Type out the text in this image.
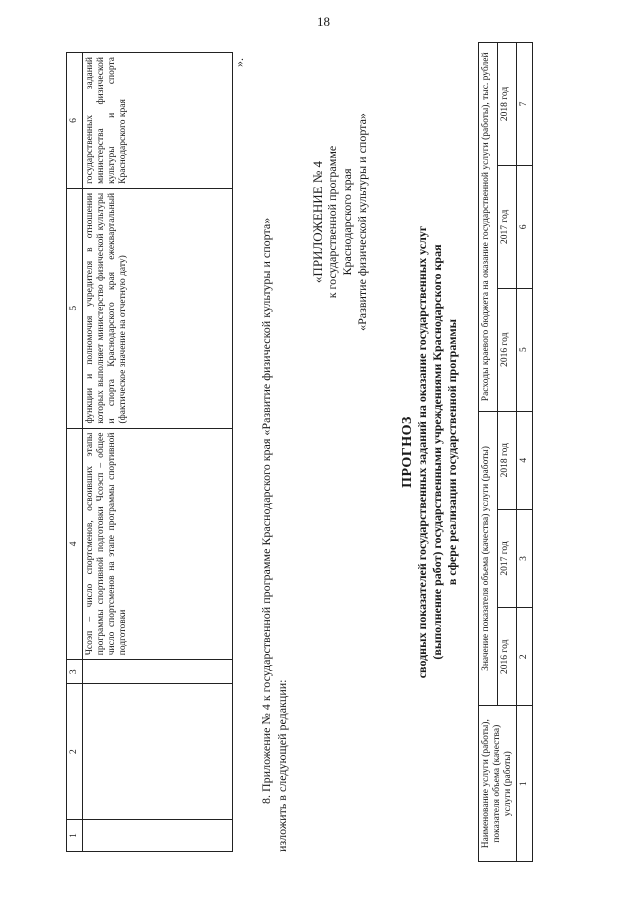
18
1	2	3	4	5	6
			Чсоэп – число спортсменов, освоивших этапы программы спортивной подготовки Чсоэсп – общее число спортсменов на этапе программы спортивной подготовки	функции и полномочия учредителя в отношении которых выполняет министерство физической культуры и спорта Краснодарского края ежеквартальный (фактическое значение на отчетную дату)	государственных заданий министерства физической культуры и спорта Краснодарского края
».
8. Приложение № 4 к государственной программе Краснодарского края «Развитие физической культуры и спорта» изложить в следующей редакции:
«ПРИЛОЖЕНИЕ № 4 к государственной программе Краснодарского края «Развитие физической культуры и спорта»
ПРОГНОЗ сводных показателей государственных заданий на оказание государственных услуг (выполнение работ) государственными учреждениями Краснодарского края в сфере реализации государственной программы
Наименование услуги (работы), показателя объема (качества) услуги (работы)	Значение показателя объема (качества) услуги (работы)			Расходы краевого бюджета на оказание государственной услуги (работы), тыс. рублей		
	2016 год	2017 год	2018 год	2016 год	2017 год	2018 год
1	2	3	4	5	6	7
